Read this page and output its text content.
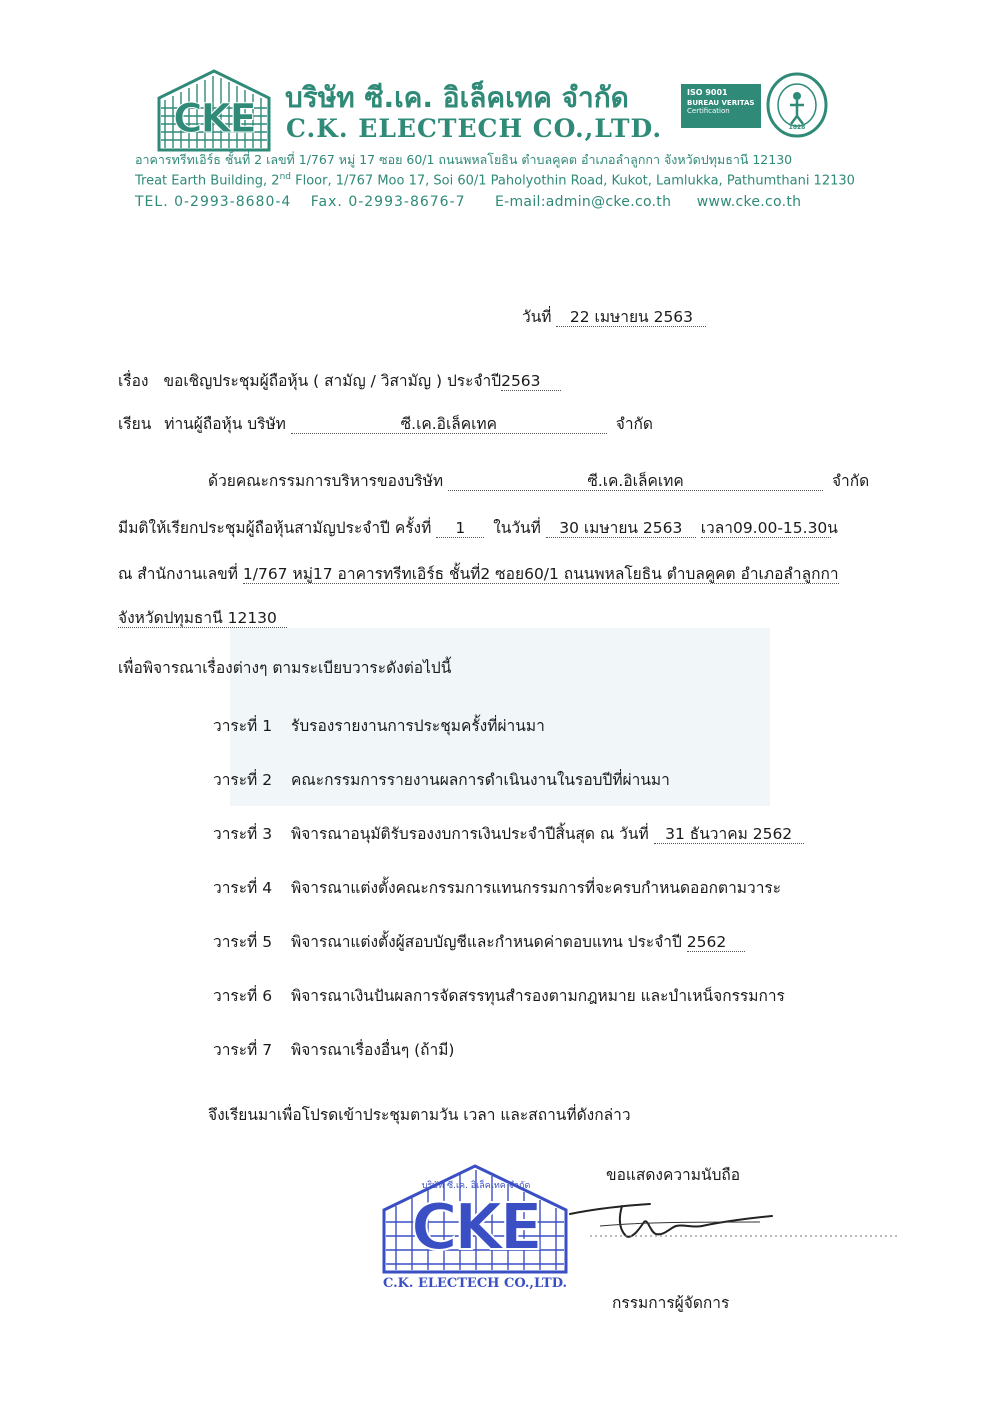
CKE	บริษัท ซี.เค. อิเล็คเทค จำกัด
C.K. ELECTECH CO.,LTD.
ISO 9001
BUREAU VERITAS
Certification
1828
อาคารทรีทเอิร์ธ ชั้นที่ 2 เลขที่ 1/767 หมู่ 17 ซอย 60/1 ถนนพหลโยธิน ตำบลคูคต อำเภอลำลูกกา จังหวัดปทุมธานี 12130
Treat Earth Building, 2nd Floor, 1/767 Moo 17, Soi 60/1 Paholyothin Road, Kukot, Lamlukka, Pathumthani 12130
TEL. 0-2993-8680-4 Fax. 0-2993-8676-7 E-mail:admin@cke.co.th www.cke.co.th
วันที่ 22 เมษายน 2563
เรื่อง ขอเชิญประชุมผู้ถือหุ้น ( สามัญ / วิสามัญ ) ประจำปี2563
เรียน ท่านผู้ถือหุ้น บริษัท	ซี.เค.อิเล็คเทค	จำกัด
ด้วยคณะกรรมการบริหารของบริษัท	ซี.เค.อิเล็คเทค	จำกัด
มีมติให้เรียกประชุมผู้ถือหุ้นสามัญประจำปี ครั้งที่ 1 ในวันที่ 30 เมษายน 2563 เวลา09.00-15.30น
ณ สำนักงานเลขที่ 1/767 หมู่17 อาคารทรีทเอิร์ธ ชั้นที่2 ซอย60/1 ถนนพหลโยธิน ตำบลคูคต อำเภอลำลูกกา
จังหวัดปทุมธานี 12130
เพื่อพิจารณาเรื่องต่างๆ ตามระเบียบวาระดังต่อไปนี้
วาระที่ 1 รับรองรายงานการประชุมครั้งที่ผ่านมา
วาระที่ 2 คณะกรรมการรายงานผลการดำเนินงานในรอบปีที่ผ่านมา
วาระที่ 3 พิจารณาอนุมัติรับรองงบการเงินประจำปีสิ้นสุด ณ วันที่ 31 ธันวาคม 2562
วาระที่ 4 พิจารณาแต่งตั้งคณะกรรมการแทนกรรมการที่จะครบกำหนดออกตามวาระ
วาระที่ 5 พิจารณาแต่งตั้งผู้สอบบัญชีและกำหนดค่าตอบแทน ประจำปี 2562
วาระที่ 6 พิจารณาเงินปันผลการจัดสรรทุนสำรองตามกฎหมาย และบำเหน็จกรรมการ
วาระที่ 7 พิจารณาเรื่องอื่นๆ (ถ้ามี)
จึงเรียนมาเพื่อโปรดเข้าประชุมตามวัน เวลา และสถานที่ดังกล่าว
ขอแสดงความนับถือ
บริษัท ซี.เค. อิเล็คเทค จำกัด
CKE
C.K. ELECTECH CO.,LTD.
กรรมการผู้จัดการ
